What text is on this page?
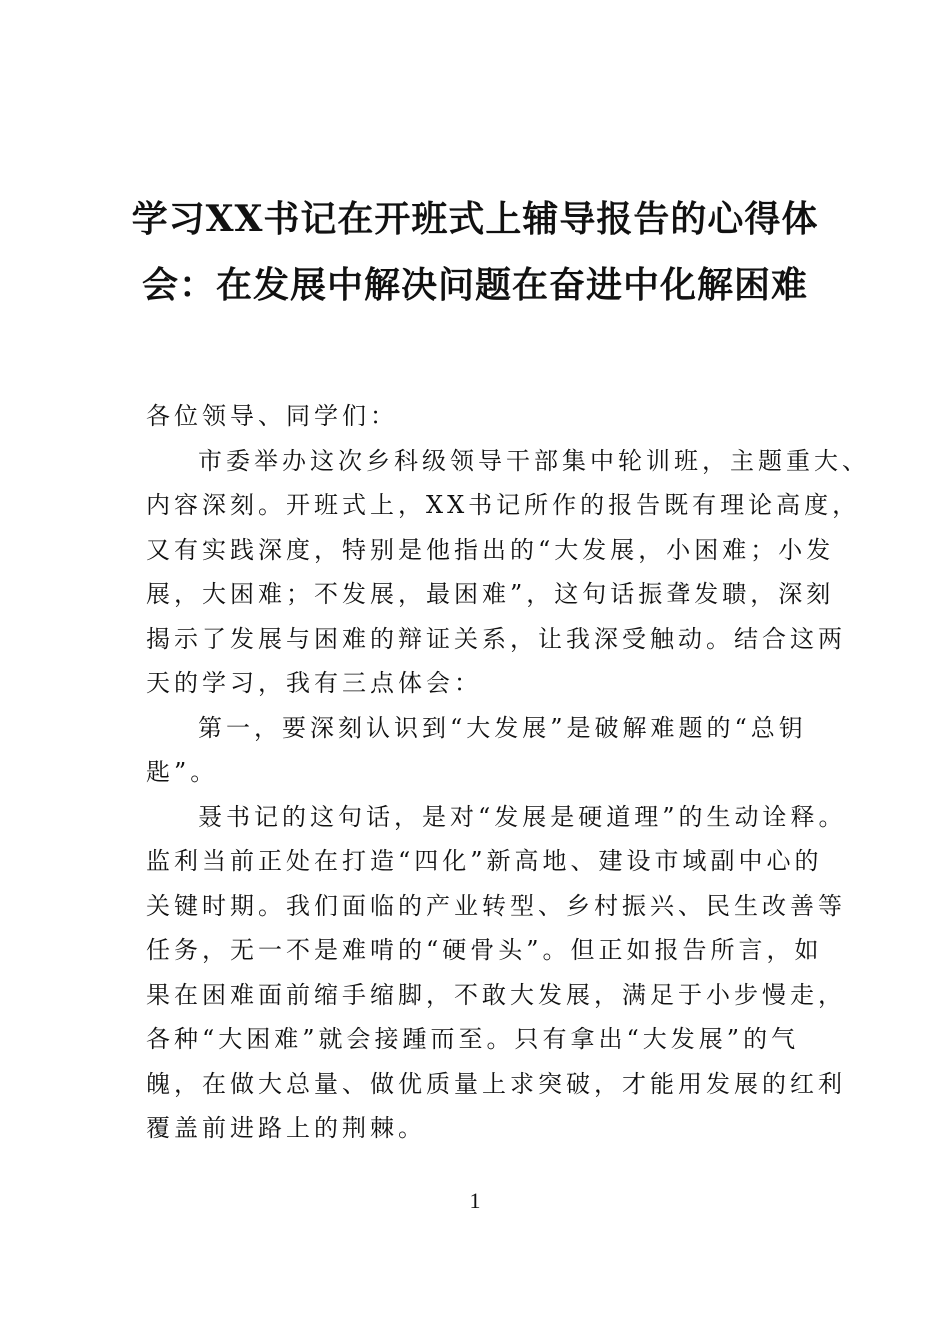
学习XX书记在开班式上辅导报告的心得体
会：在发展中解决问题在奋进中化解困难
各位领导、同学们：
市委举办这次乡科级领导干部集中轮训班，主题重大、
内容深刻。开班式上，XX书记所作的报告既有理论高度，
又有实践深度，特别是他指出的“大发展，小困难；小发
展，大困难；不发展，最困难”，这句话振聋发聩，深刻
揭示了发展与困难的辩证关系，让我深受触动。结合这两
天的学习，我有三点体会：
第一，要深刻认识到“大发展”是破解难题的“总钥
匙”。
聂书记的这句话，是对“发展是硬道理”的生动诠释。
监利当前正处在打造“四化”新高地、建设市域副中心的
关键时期。我们面临的产业转型、乡村振兴、民生改善等
任务，无一不是难啃的“硬骨头”。但正如报告所言，如
果在困难面前缩手缩脚，不敢大发展，满足于小步慢走，
各种“大困难”就会接踵而至。只有拿出“大发展”的气
魄，在做大总量、做优质量上求突破，才能用发展的红利
覆盖前进路上的荆棘。
1
